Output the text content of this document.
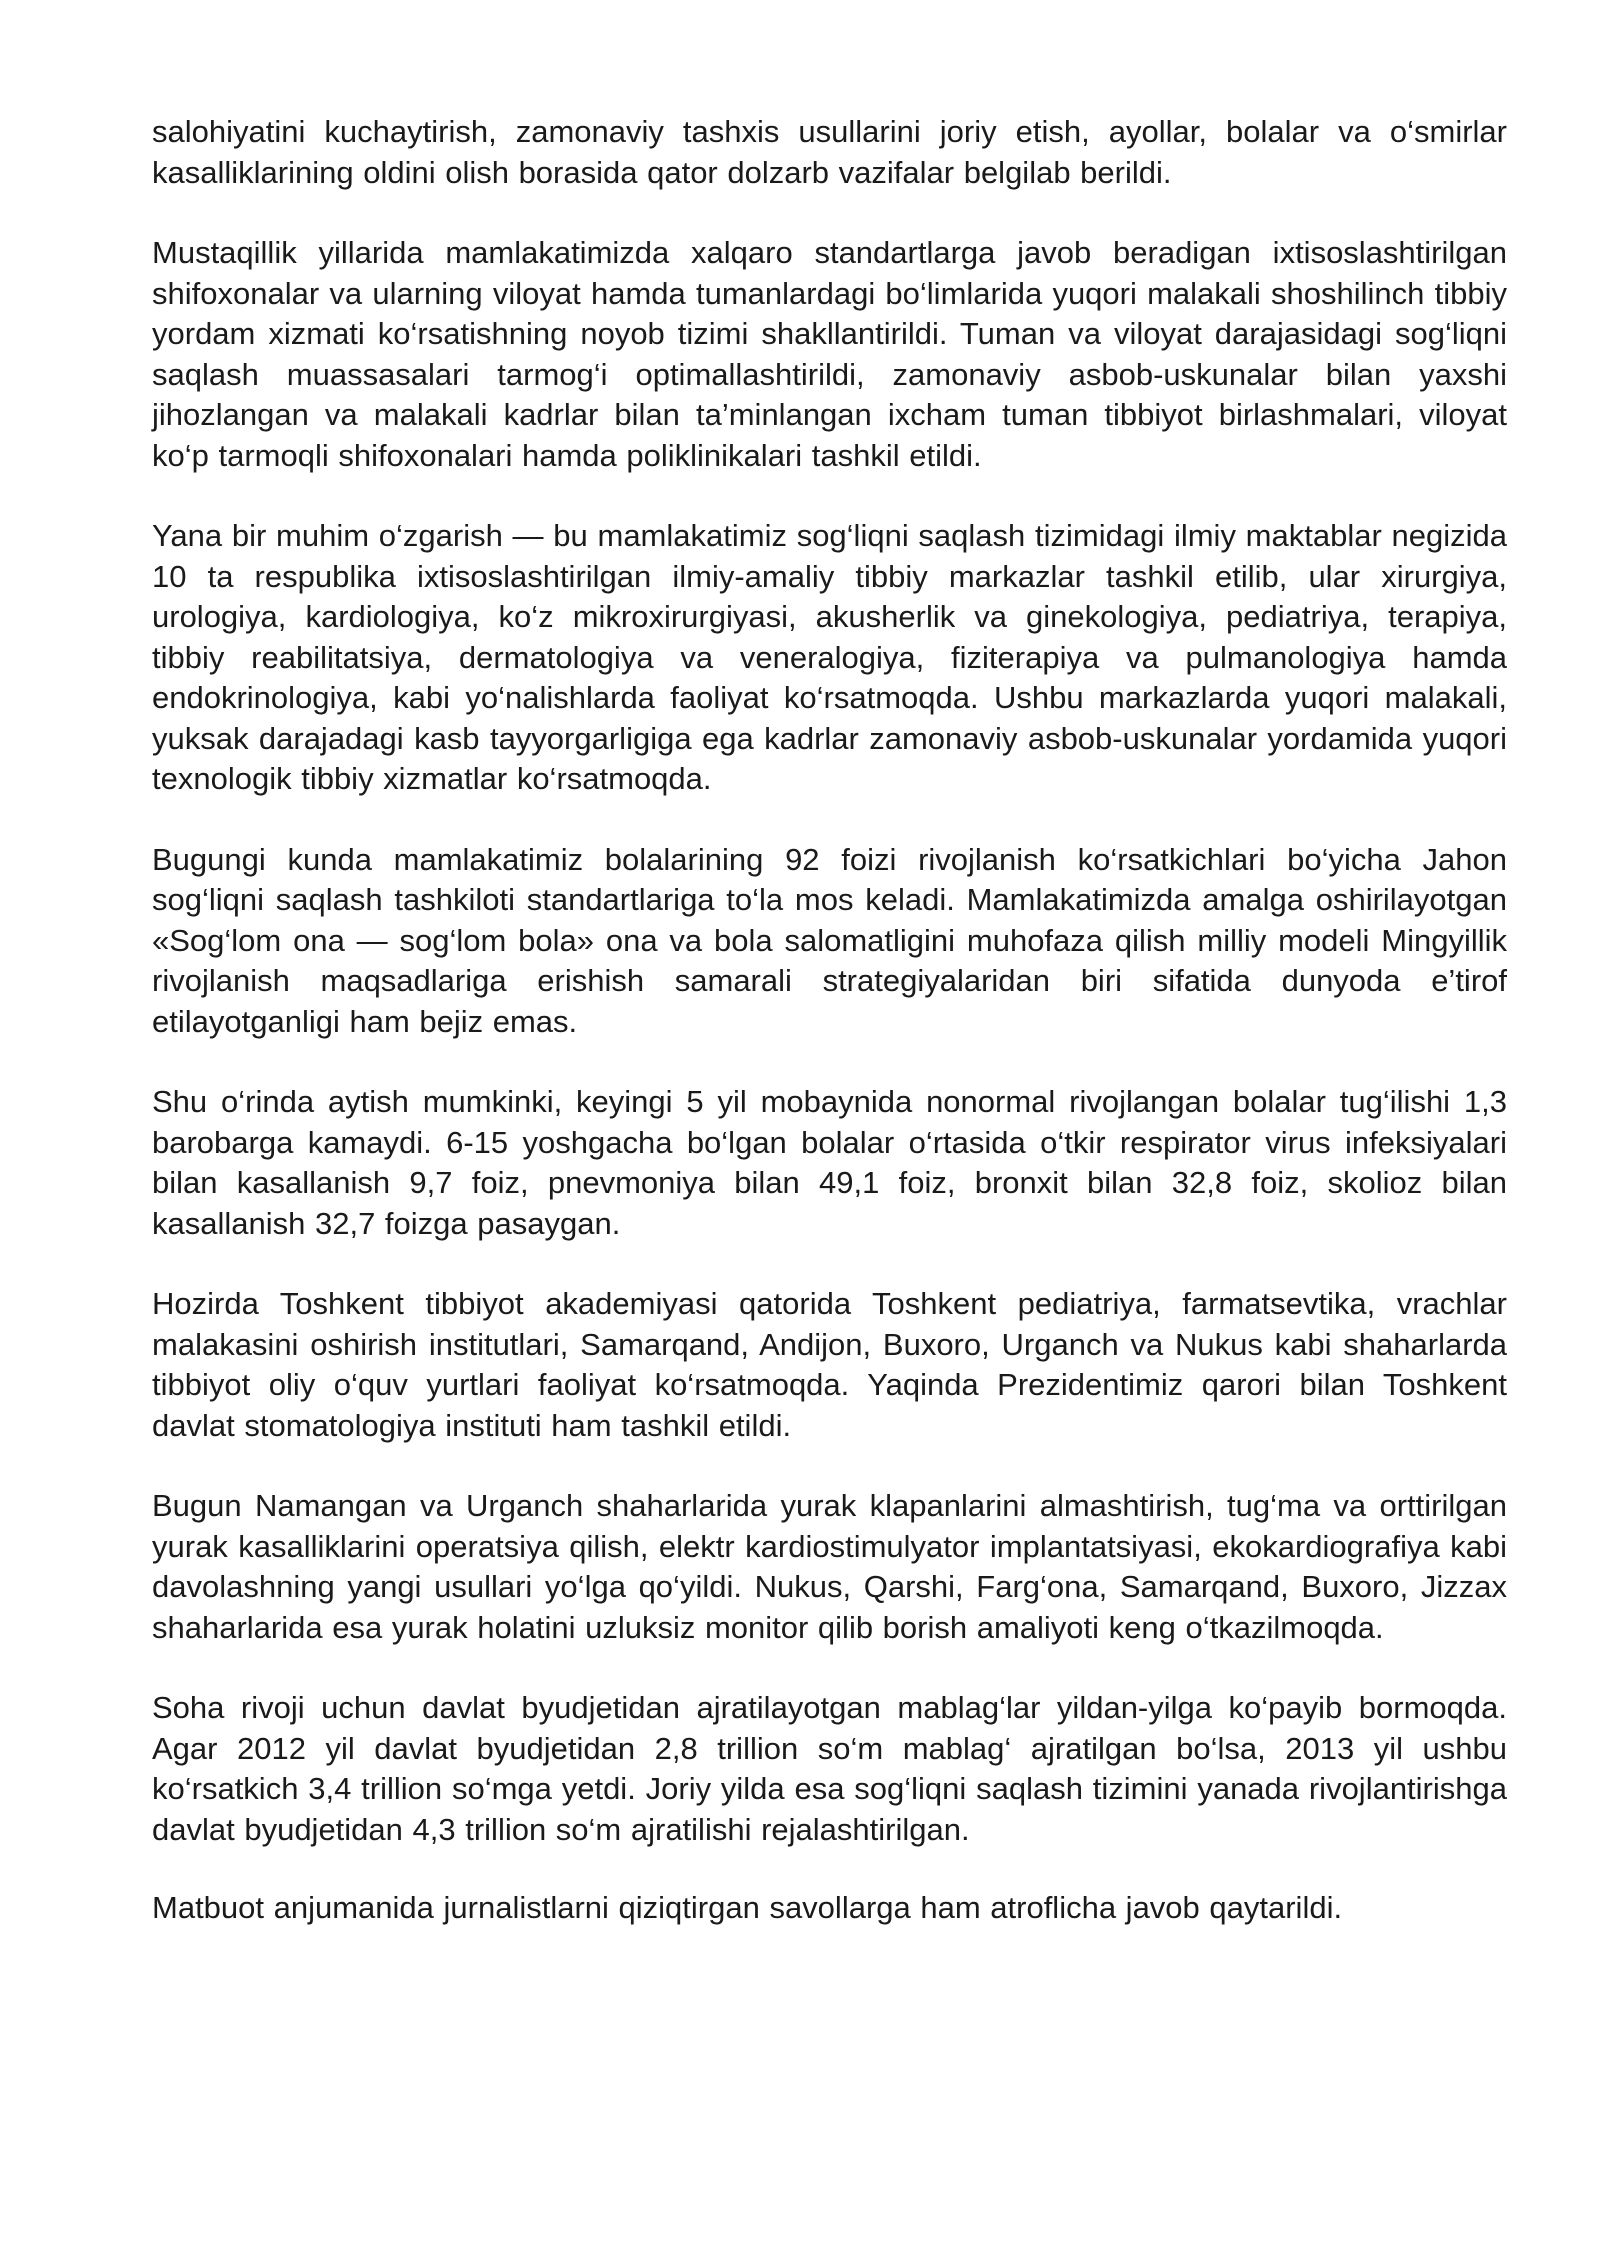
salohiyatini kuchaytirish, zamonaviy tashxis usullarini joriy etish, ayollar, bolalar va o‘smirlar kasalliklarining oldini olish borasida qator dolzarb vazifalar belgilab berildi.

Mustaqillik yillarida mamlakatimizda xalqaro standartlarga javob beradigan ixtisoslashtirilgan shifoxonalar va ularning viloyat hamda tumanlardagi bo‘limlarida yuqori malakali shoshilinch tibbiy yordam xizmati ko‘rsatishning noyob tizimi shakllantirildi. Tuman va viloyat darajasidagi sog‘liqni saqlash muassasalari tarmog‘i optimallashtirildi, zamonaviy asbob-uskunalar bilan yaxshi jihozlangan va malakali kadrlar bilan ta’minlangan ixcham tuman tibbiyot birlashmalari, viloyat ko‘p tarmoqli shifoxonalari hamda poliklinikalari tashkil etildi.

Yana bir muhim o‘zgarish — bu mamlakatimiz sog‘liqni saqlash tizimidagi ilmiy maktablar negizida 10 ta respublika ixtisoslashtirilgan ilmiy-amaliy tibbiy markazlar tashkil etilib, ular xirurgiya, urologiya, kardiologiya, ko‘z mikroxirurgiyasi, akusherlik va ginekologiya, pediatriya, terapiya, tibbiy reabilitatsiya, dermatologiya va veneralogiya, fiziterapiya va pulmanologiya hamda endokrinologiya, kabi yo‘nalishlarda faoliyat ko‘rsatmoqda. Ushbu markazlarda yuqori malakali, yuksak darajadagi kasb tayyorgarligiga ega kadrlar zamonaviy asbob-uskunalar yordamida yuqori texnologik tibbiy xizmatlar ko‘rsatmoqda.

Bugungi kunda mamlakatimiz bolalarining 92 foizi rivojlanish ko‘rsatkichlari bo‘yicha Jahon sog‘liqni saqlash tashkiloti standartlariga to‘la mos keladi. Mamlakatimizda amalga oshirilayotgan «Sog‘lom ona — sog‘lom bola» ona va bola salomatligini muhofaza qilish milliy modeli Mingyillik rivojlanish maqsadlariga erishish samarali strategiyalaridan biri sifatida dunyoda e’tirof etilayotganligi ham bejiz emas.

Shu o‘rinda aytish mumkinki, keyingi 5 yil mobaynida nonormal rivojlangan bolalar tug‘ilishi 1,3 barobarga kamaydi. 6-15 yoshgacha bo‘lgan bolalar o‘rtasida o‘tkir respirator virus infeksiyalari bilan kasallanish 9,7 foiz, pnevmoniya bilan 49,1 foiz, bronxit bilan 32,8 foiz, skolioz bilan kasallanish 32,7 foizga pasaygan.

Hozirda Toshkent tibbiyot akademiyasi qatorida Toshkent pediatriya, farmatsevtika, vrachlar malakasini oshirish institutlari, Samarqand, Andijon, Buxoro, Urganch va Nukus kabi shaharlarda tibbiyot oliy o‘quv yurtlari faoliyat ko‘rsatmoqda. Yaqinda Prezidentimiz qarori bilan Toshkent davlat stomatologiya instituti ham tashkil etildi.

Bugun Namangan va Urganch shaharlarida yurak klapanlarini almashtirish, tug‘ma va orttirilgan yurak kasalliklarini operatsiya qilish, elektr kardiostimulyator implantatsiyasi, ekokardiografiya kabi davolashning yangi usullari yo‘lga qo‘yildi. Nukus, Qarshi, Farg‘ona, Samarqand, Buxoro, Jizzax shaharlarida esa yurak holatini uzluksiz monitor qilib borish amaliyoti keng o‘tkazilmoqda.

Soha rivoji uchun davlat byudjetidan ajratilayotgan mablag‘lar yildan-yilga ko‘payib bormoqda. Agar 2012 yil davlat byudjetidan 2,8 trillion so‘m mablag‘ ajratilgan bo‘lsa, 2013 yil ushbu ko‘rsatkich 3,4 trillion so‘mga yetdi. Joriy yilda esa sog‘liqni saqlash tizimini yanada rivojlantirishga davlat byudjetidan 4,3 trillion so‘m ajratilishi rejalashtirilgan.

Matbuot anjumanida jurnalistlarni qiziqtirgan savollarga ham atroflicha javob qaytarildi.
